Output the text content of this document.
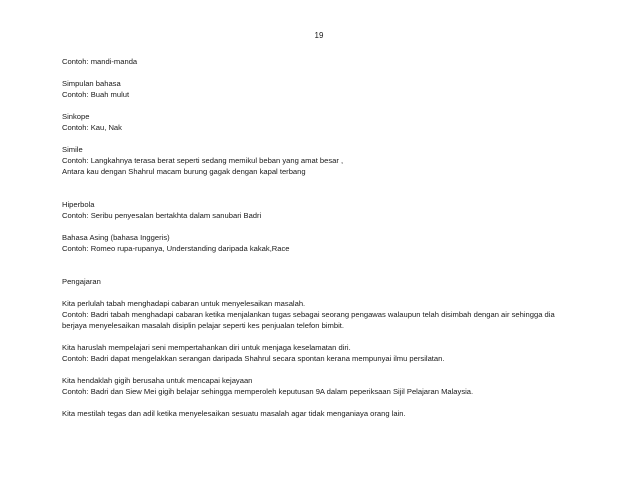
19
Contoh: mandi-manda
Simpulan bahasa
Contoh: Buah mulut
Sinkope
Contoh: Kau, Nak
Simile
Contoh: Langkahnya terasa berat seperti sedang memikul beban yang amat besar ,
Antara kau dengan Shahrul macam burung gagak dengan kapal terbang
Hiperbola
Contoh: Seribu penyesalan bertakhta dalam sanubari Badri
Bahasa Asing (bahasa Inggeris)
Contoh: Romeo rupa-rupanya, Understanding daripada kakak,Race
Pengajaran
Kita perlulah tabah menghadapi cabaran untuk menyelesaikan masalah.
Contoh: Badri tabah menghadapi cabaran ketika menjalankan tugas sebagai seorang pengawas walaupun telah disimbah dengan air sehingga dia
berjaya menyelesaikan masalah disiplin pelajar seperti kes penjualan telefon bimbit.
Kita haruslah mempelajari seni mempertahankan diri untuk menjaga keselamatan diri.
Contoh: Badri dapat mengelakkan serangan daripada Shahrul secara spontan kerana mempunyai ilmu persilatan.
Kita hendaklah gigih berusaha untuk mencapai kejayaan
Contoh: Badri dan Siew Mei gigih belajar sehingga memperoleh keputusan 9A dalam peperiksaan Sijil Pelajaran Malaysia.
Kita mestilah tegas dan adil ketika menyelesaikan sesuatu masalah agar tidak menganiaya orang lain.
